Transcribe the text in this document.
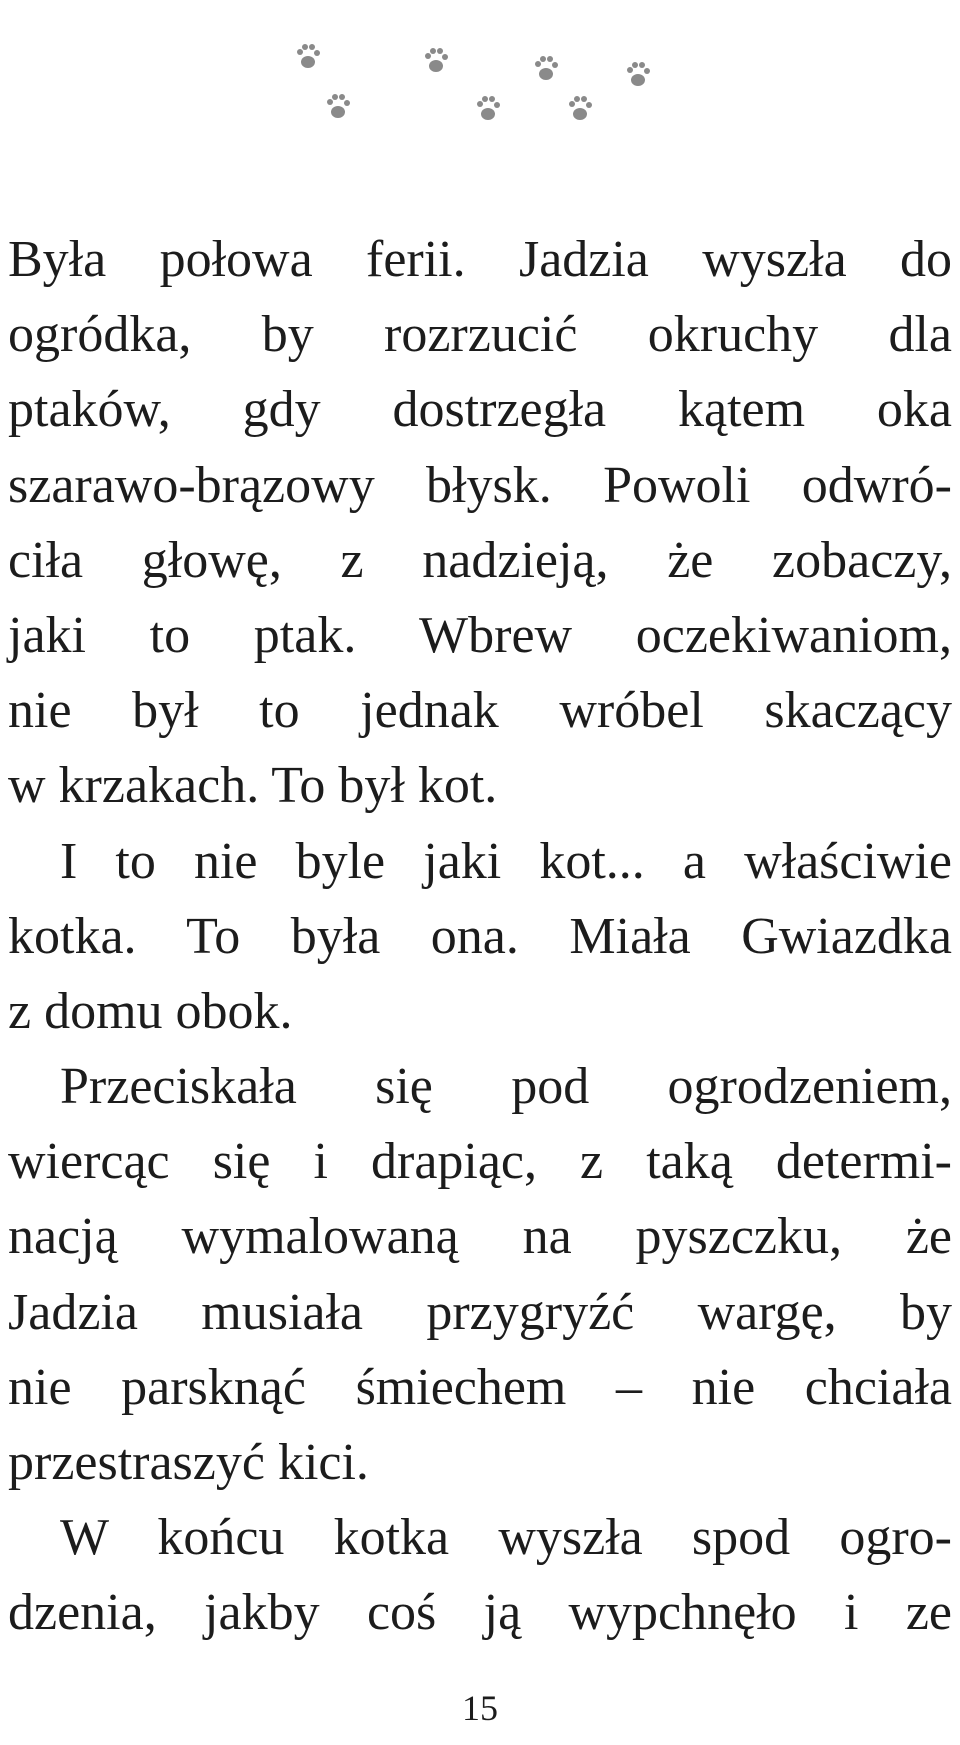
Była połowa ferii. Jadzia wyszła do
ogródka, by rozrzucić okruchy dla
ptaków, gdy dostrzegła kątem oka
szarawo-brązowy błysk. Powoli odwró-
ciła głowę, z nadzieją, że zobaczy,
jaki to ptak. Wbrew oczekiwaniom,
nie był to jednak wróbel skaczący
w krzakach. To był kot.
I to nie byle jaki kot... a właściwie
kotka. To była ona. Miała Gwiazdka
z domu obok.
Przeciskała się pod ogrodzeniem,
wiercąc się i drapiąc, z taką determi-
nacją wymalowaną na pyszczku, że
Jadzia musiała przygryźć wargę, by
nie parsknąć śmiechem – nie chciała
przestraszyć kici.
W końcu kotka wyszła spod ogro-
dzenia, jakby coś ją wypchnęło i ze
15
